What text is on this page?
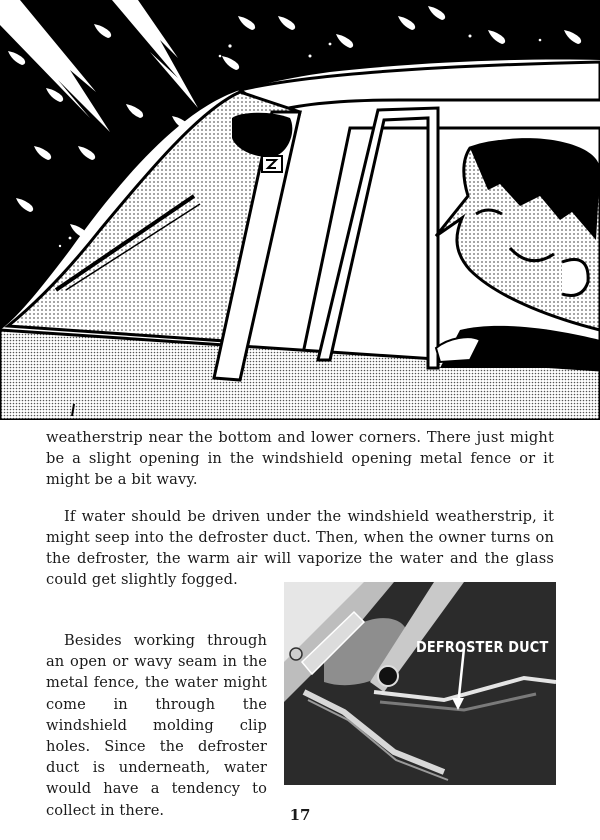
weatherstrip near the bottom and lower corners. There just might be a slight opening in the windshield opening metal fence or it might be a bit wavy.

If water should be driven under the windshield weatherstrip, it might seep into the defroster duct. Then, when the owner turns on the defroster, the warm air will vaporize the water and the glass could get slightly fogged.

Besides working through an open or wavy seam in the metal fence, the water might come in through the windshield molding clip holes. Since the defroster duct is underneath, water would have a tendency to collect in there.

DEFROSTER DUCT
17
